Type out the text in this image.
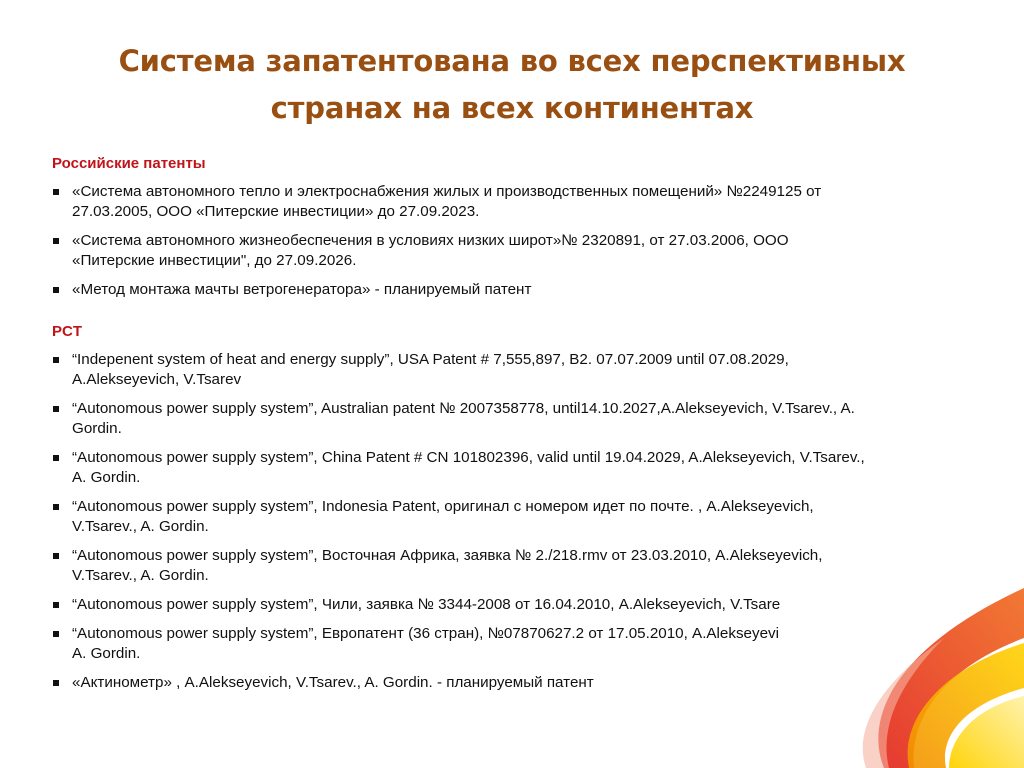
Система запатентована во всех перспективных
странах на всех континентах
Российские патенты
«Система автономного тепло и электроснабжения жилых и производственных помещений» №2249125 от
27.03.2005, ООО «Питерские инвестиции» до 27.09.2023.
«Система автономного жизнеобеспечения в условиях низких широт»№ 2320891, от 27.03.2006, ООО
«Питерские инвестиции", до 27.09.2026.
«Метод монтажа мачты ветрогенератора» - планируемый патент
PCT
“Indepenent system of heat and energy supply”, USA Patent # 7,555,897, B2. 07.07.2009 until 07.08.2029,
A.Alekseyevich, V.Tsarev
“Autonomous power supply system”, Australian patent № 2007358778, until14.10.2027,A.Alekseyevich, V.Tsarev., A.
Gordin.
“Autonomous power supply system”, China Patent # CN 101802396, valid until 19.04.2029, A.Alekseyevich, V.Tsarev.,
A. Gordin.
“Autonomous power supply system”, Indonesia Patent, оригинал с номером идет по почте. , A.Alekseyevich,
V.Tsarev., A. Gordin.
“Autonomous power supply system”, Восточная Африка, заявка № 2./218.rmv от 23.03.2010, A.Alekseyevich,
V.Tsarev., A. Gordin.
“Autonomous power supply system”, Чили, заявка № 3344-2008 от 16.04.2010, A.Alekseyevich, V.Tsare
“Autonomous power supply system”, Европатент (36 стран), №07870627.2 от 17.05.2010, A.Alekseyevi
A. Gordin.
«Актинометр» , A.Alekseyevich, V.Tsarev., A. Gordin. - планируемый патент
